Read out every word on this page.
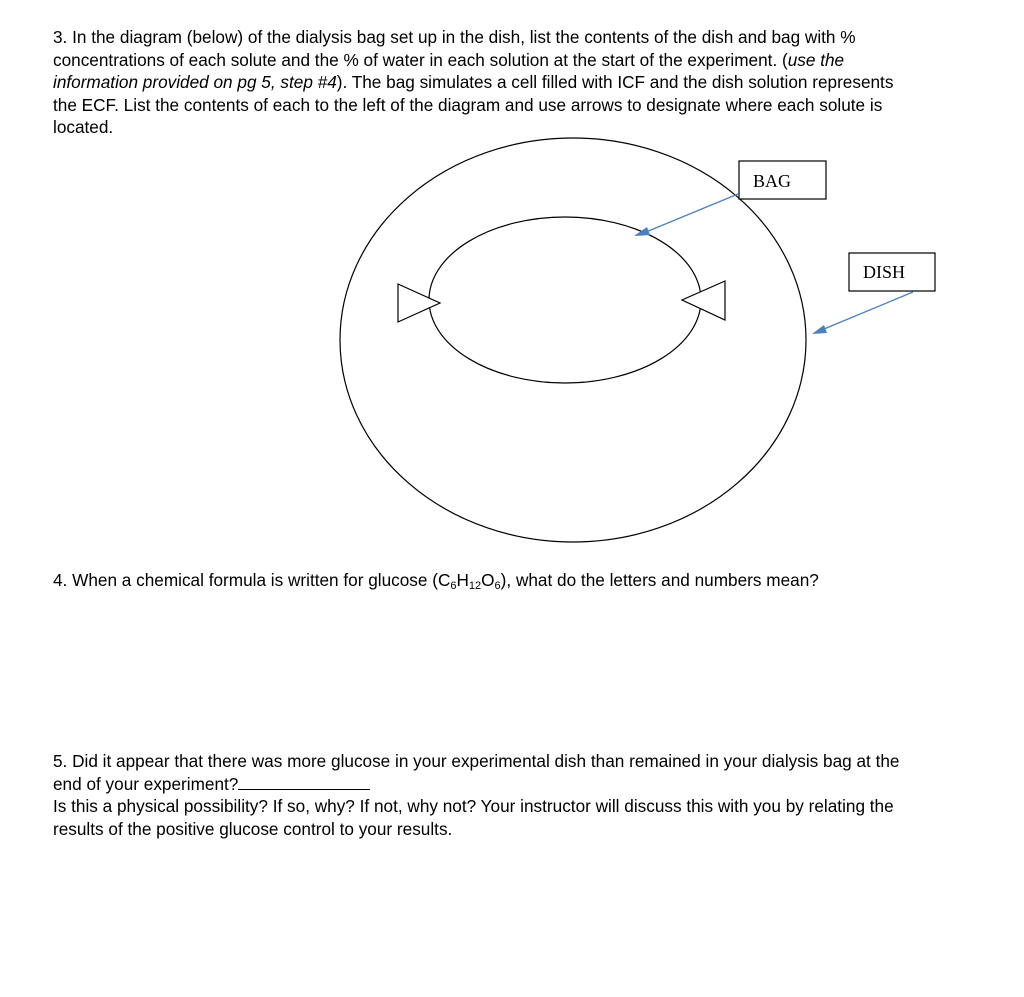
3. In the diagram (below) of the dialysis bag set up in the dish, list the contents of the dish and bag with % concentrations of each solute and the % of water in each solution at the start of the experiment. (use the information provided on pg 5, step #4). The bag simulates a cell filled with ICF and the dish solution represents the ECF. List the contents of each to the left of the diagram and use arrows to designate where each solute is located.
BAG
DISH
4. When a chemical formula is written for glucose $(C_6H_{12}O_6)$, what do the letters and numbers mean?
5. Did it appear that there was more glucose in your experimental dish than remained in your dialysis bag at the end of your experiment?
Is this a physical possibility? If so, why? If not, why not? Your instructor will discuss this with you by relating the results of the positive glucose control to your results.
